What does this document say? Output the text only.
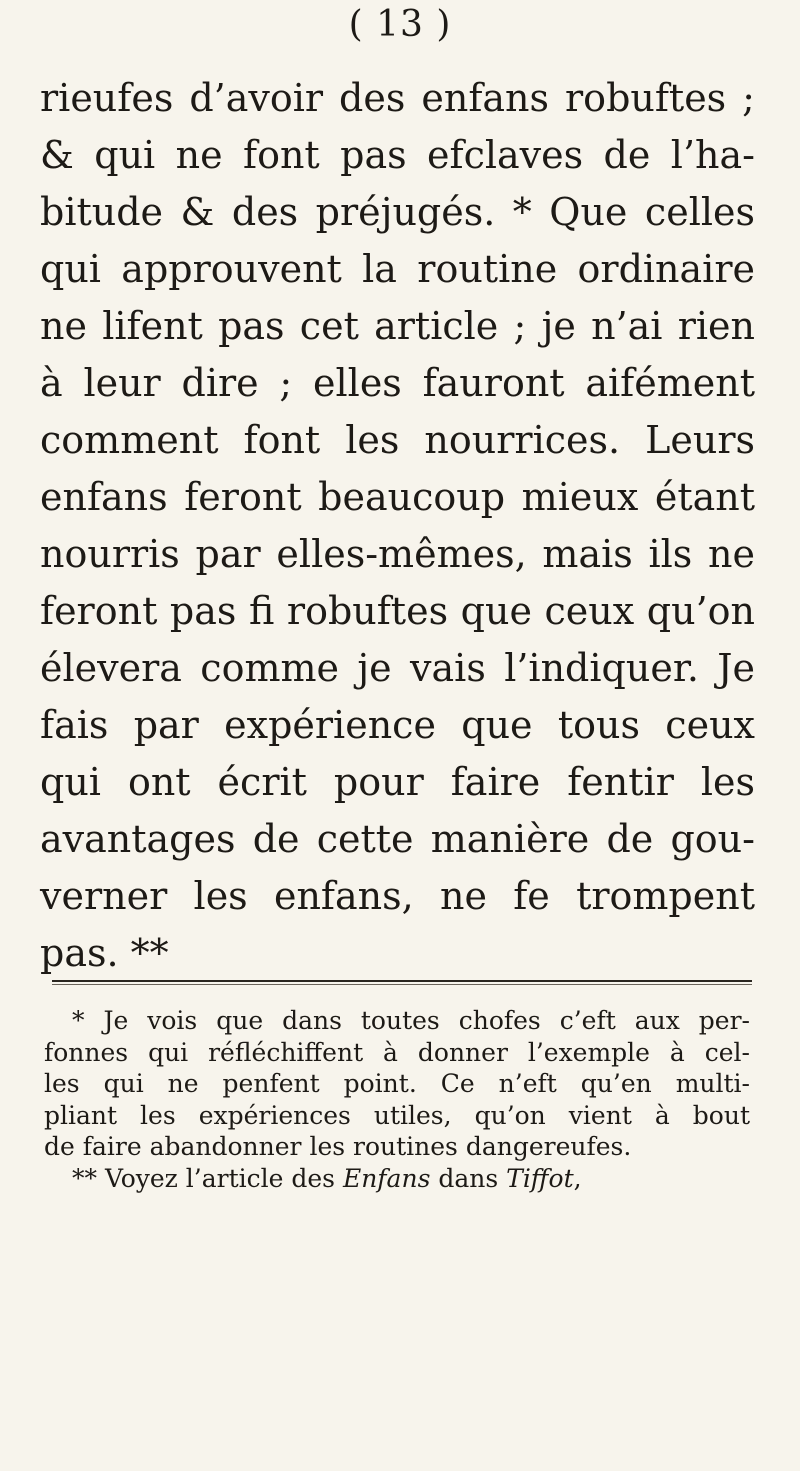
( 13 )
rieufes d’avoir des enfans robuftes ;
& qui ne font pas efclaves de l’ha-
bitude & des préjugés. * Que celles
qui approuvent la routine ordinaire
ne lifent pas cet article ; je n’ai rien
à leur dire ; elles fauront aifément
comment font les nourrices. Leurs
enfans feront beaucoup mieux étant
nourris par elles-mêmes, mais ils ne
feront pas fi robuftes que ceux qu’on
élevera comme je vais l’indiquer. Je
fais par expérience que tous ceux
qui ont écrit pour faire fentir les
avantages de cette manière de gou-
verner les enfans, ne fe trompent
pas. **
* Je vois que dans toutes chofes c’eft aux per-
fonnes qui réfléchiffent à donner l’exemple à cel-
les qui ne penfent point. Ce n’eft qu’en multi-
pliant les expériences utiles, qu’on vient à bout
de faire abandonner les routines dangereufes.
** Voyez l’article des Enfans dans Tiffot,
